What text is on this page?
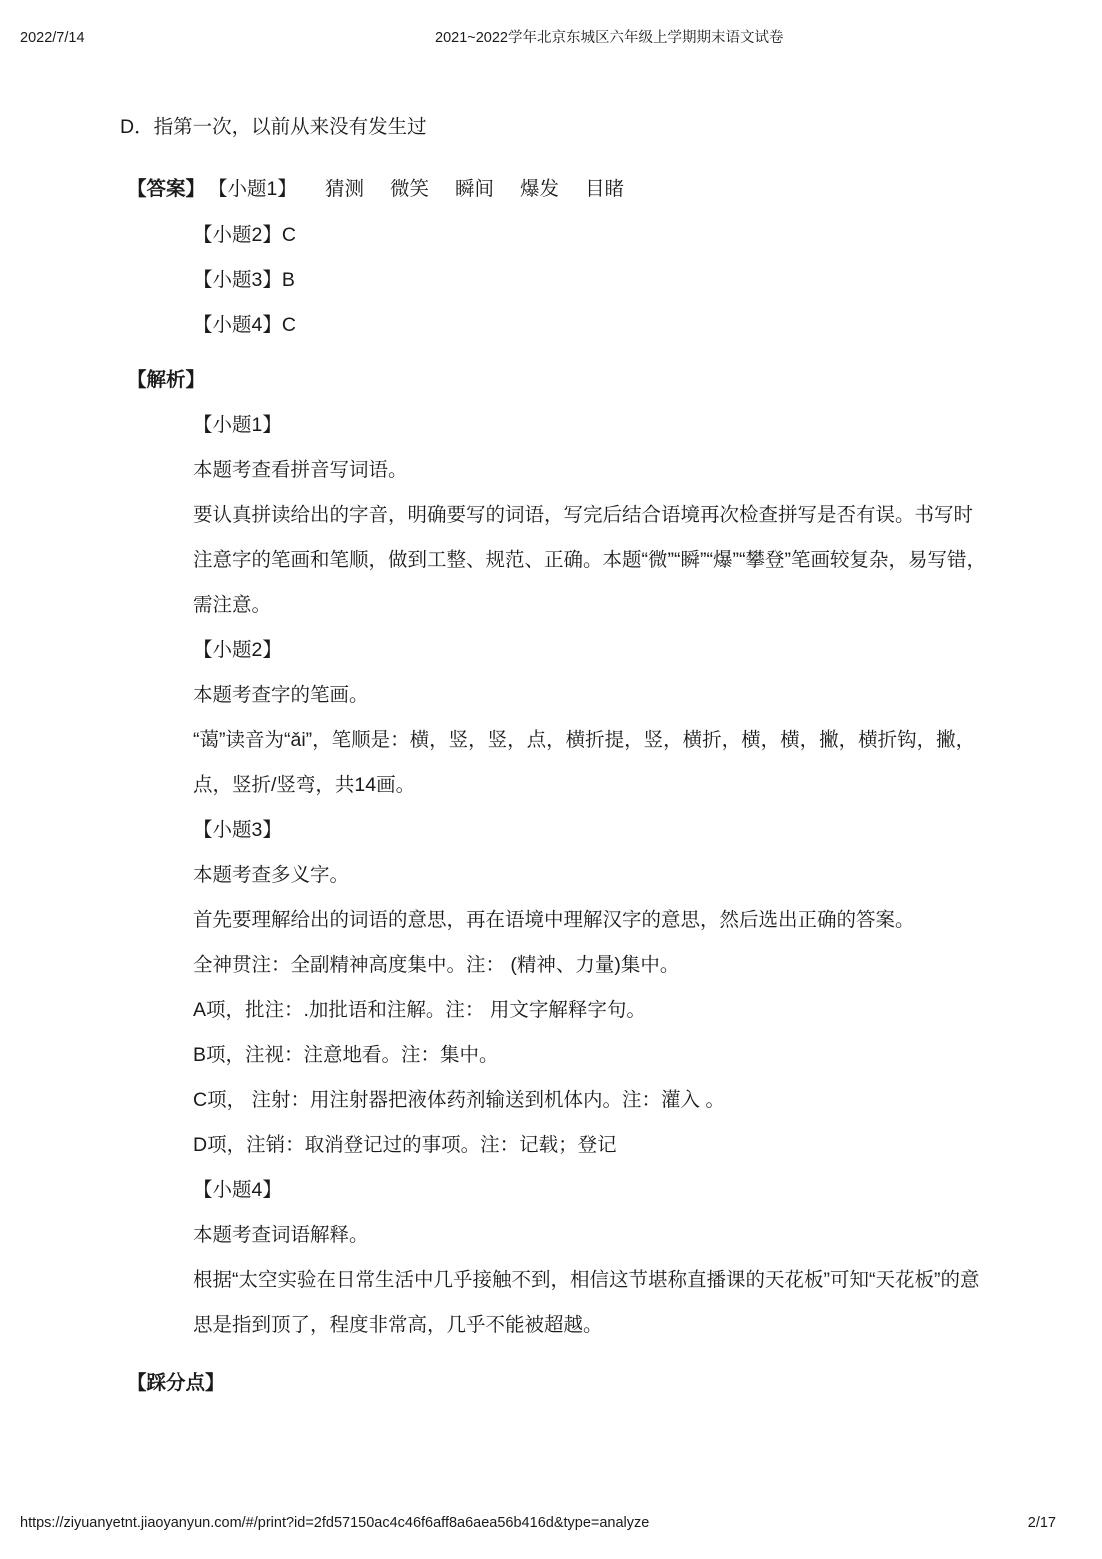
2022/7/14	2021~2022学年北京东城区六年级上学期期末语文试卷
D．指第一次，以前从来没有发生过
【答案】 【小题1】 猜测 微笑 瞬间 爆发 目睹
【小题2】C
【小题3】B
【小题4】C
【解析】
【小题1】
本题考查看拼音写词语。
要认真拼读给出的字音，明确要写的词语，写完后结合语境再次检查拼写是否有误。书写时
注意字的笔画和笔顺，做到工整、规范、正确。本题“微”“瞬”“爆”“攀登”笔画较复杂，易写错，
需注意。
【小题2】
本题考查字的笔画。
“蔼”读音为“ǎi”，笔顺是：横，竖，竖，点，横折提，竖，横折，横，横，撇，横折钩，撇，
点，竖折/竖弯，共14画。
【小题3】
本题考查多义字。
首先要理解给出的词语的意思，再在语境中理解汉字的意思，然后选出正确的答案。
全神贯注：全副精神高度集中。注： (精神、力量)集中。
A项，批注：.加批语和注解。注： 用文字解释字句。
B项，注视：注意地看。注：集中。
C项， 注射：用注射器把液体药剂输送到机体内。注：灌入 。
D项，注销：取消登记过的事项。注：记载；登记
【小题4】
本题考查词语解释。
根据“太空实验在日常生活中几乎接触不到，相信这节堪称直播课的天花板”可知“天花板”的意
思是指到顶了，程度非常高，几乎不能被超越。
【踩分点】
https://ziyuanyetnt.jiaoyanyun.com/#/print?id=2fd57150ac4c46f6aff8a6aea56b416d&type=analyze	2/17
